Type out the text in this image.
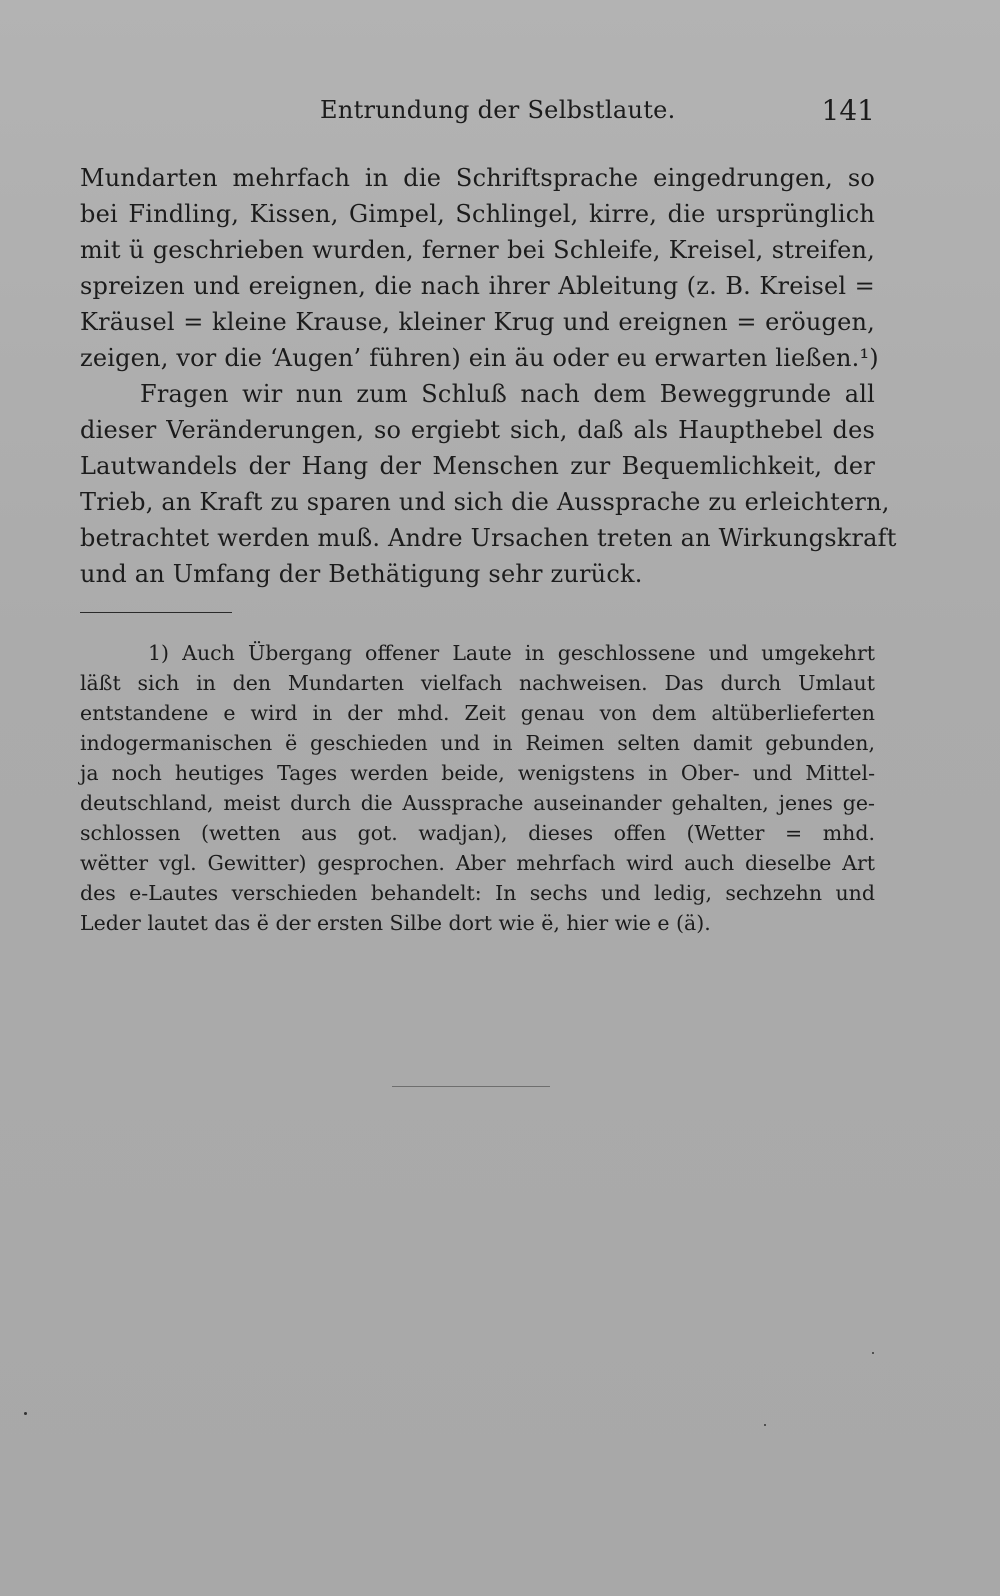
Entrundung der Selbstlaute.	141
Mundarten mehrfach in die Schriftsprache eingedrungen, so
bei Findling, Kissen, Gimpel, Schlingel, kirre, die ursprünglich
mit ü geschrieben wurden, ferner bei Schleife, Kreisel, streifen,
spreizen und ereignen, die nach ihrer Ableitung (z. B. Kreisel =
Kräusel = kleine Krause, kleiner Krug und ereignen = eröugen,
zeigen, vor die ‘Augen’ führen) ein äu oder eu erwarten ließen.¹)
Fragen wir nun zum Schluß nach dem Beweggrunde all
dieser Veränderungen, so ergiebt sich, daß als Haupthebel des
Lautwandels der Hang der Menschen zur Bequemlichkeit, der
Trieb, an Kraft zu sparen und sich die Aussprache zu erleichtern,
betrachtet werden muß. Andre Ursachen treten an Wirkungskraft
und an Umfang der Bethätigung sehr zurück.
1) Auch Übergang offener Laute in geschlossene und umgekehrt
läßt sich in den Mundarten vielfach nachweisen. Das durch Umlaut
entstandene e wird in der mhd. Zeit genau von dem altüberlieferten
indogermanischen ë geschieden und in Reimen selten damit gebunden,
ja noch heutiges Tages werden beide, wenigstens in Ober- und Mittel-
deutschland, meist durch die Aussprache auseinander gehalten, jenes ge-
schlossen (wetten aus got. wadjan), dieses offen (Wetter = mhd.
wëtter vgl. Gewitter) gesprochen. Aber mehrfach wird auch dieselbe Art
des e-Lautes verschieden behandelt: In sechs und ledig, sechzehn und
Leder lautet das ë der ersten Silbe dort wie ë, hier wie e (ä).
